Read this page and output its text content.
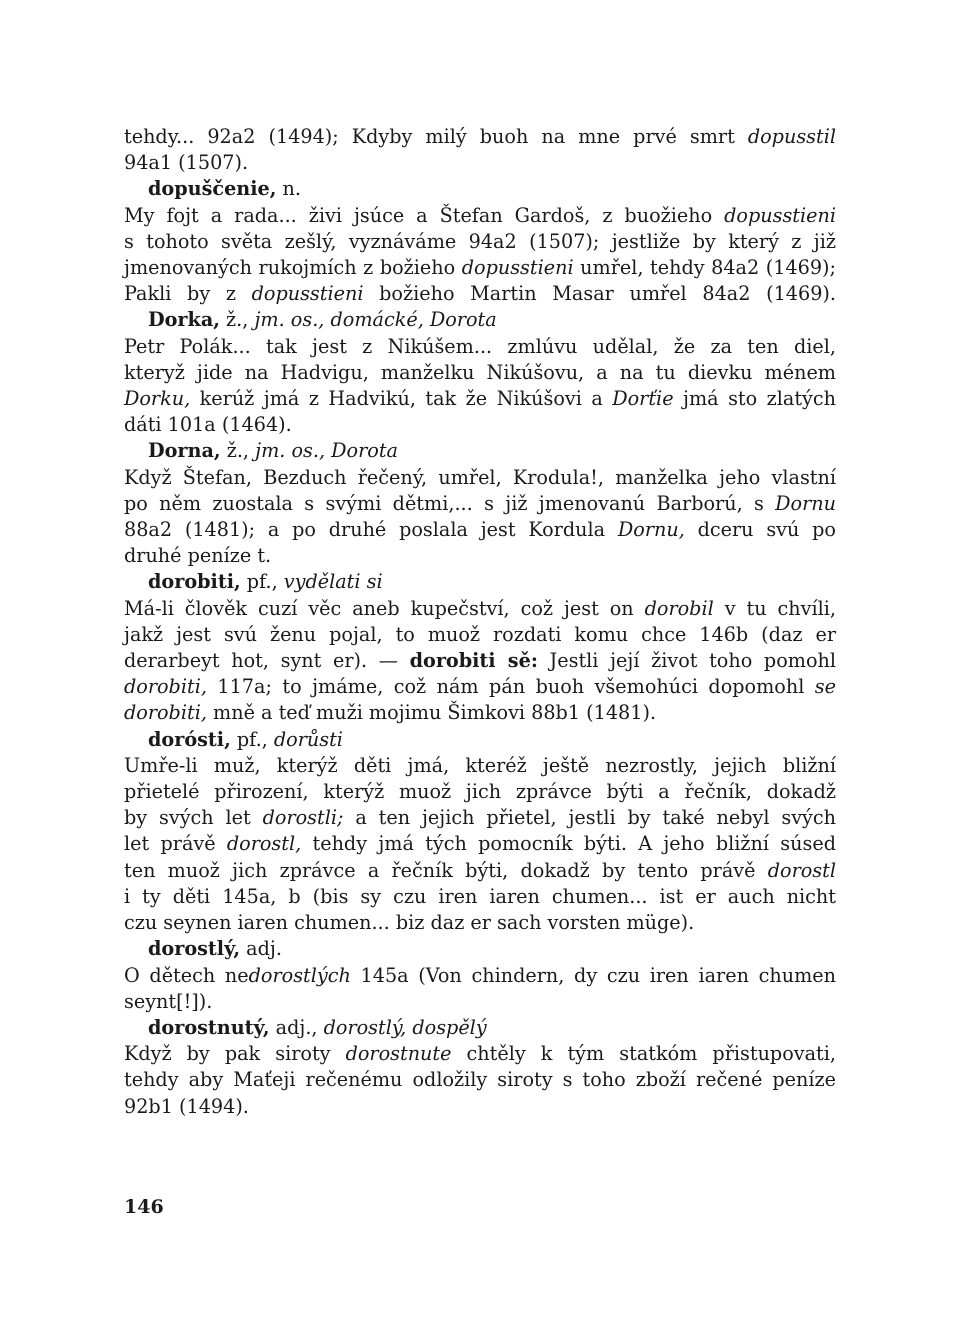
tehdy... 92a2 (1494); Kdyby milý buoh na mne prvé smrt dopusstil
94a1 (1507).
dopuščenie, n.
My fojt a rada... živi jsúce a Štefan Gardoš, z buožieho dopusstieni
s tohoto světa zešlý, vyznáváme 94a2 (1507); jestliže by který z již
jmenovaných rukojmích z božieho dopusstieni umřel, tehdy 84a2 (1469);
Pakli by z dopusstieni božieho Martin Masar umřel 84a2 (1469).
Dorka, ž., jm. os., domácké, Dorota
Petr Polák... tak jest z Nikúšem... zmlúvu udělal, že za ten diel,
kteryž jide na Hadvigu, manželku Nikúšovu, a na tu dievku ménem
Dorku, kerúž jmá z Hadvikú, tak že Nikúšovi a Dorťie jmá sto zlatých
dáti 101a (1464).
Dorna, ž., jm. os., Dorota
Když Štefan, Bezduch řečený, umřel, Krodula!, manželka jeho vlastní
po něm zuostala s svými dětmi,... s již jmenovanú Barború, s Dornu
88a2 (1481); a po druhé poslala jest Kordula Dornu, dceru svú po
druhé peníze t.
dorobiti, pf., vydělati si
Má-li člověk cuzí věc aneb kupečství, což jest on dorobil v tu chvíli,
jakž jest svú ženu pojal, to muož rozdati komu chce 146b (daz er
derarbeyt hot, synt er). — dorobiti sě: Jestli její život toho pomohl
dorobiti, 117a; to jmáme, což nám pán buoh všemohúci dopomohl se
dorobiti, mně a teď muži mojimu Šimkovi 88b1 (1481).
dorósti, pf., dorůsti
Umře-li muž, kterýž děti jmá, kteréž ještě nezrostly, jejich bližní
přietelé přirození, kterýž muož jich zprávce býti a řečník, dokadž
by svých let dorostli; a ten jejich přietel, jestli by také nebyl svých
let právě dorostl, tehdy jmá tých pomocník býti. A jeho bližní súsed
ten muož jich zprávce a řečník býti, dokadž by tento právě dorostl
i ty děti 145a, b (bis sy czu iren iaren chumen... ist er auch nicht
czu seynen iaren chumen... biz daz er sach vorsten müge).
dorostlý, adj.
O dětech nedorostlých 145a (Von chindern, dy czu iren iaren chumen
seynt[!]).
dorostnutý, adj., dorostlý, dospělý
Když by pak siroty dorostnute chtěly k tým statkóm přistupovati,
tehdy aby Maťeji rečenému odložily siroty s toho zboží rečené peníze
92b1 (1494).
146
